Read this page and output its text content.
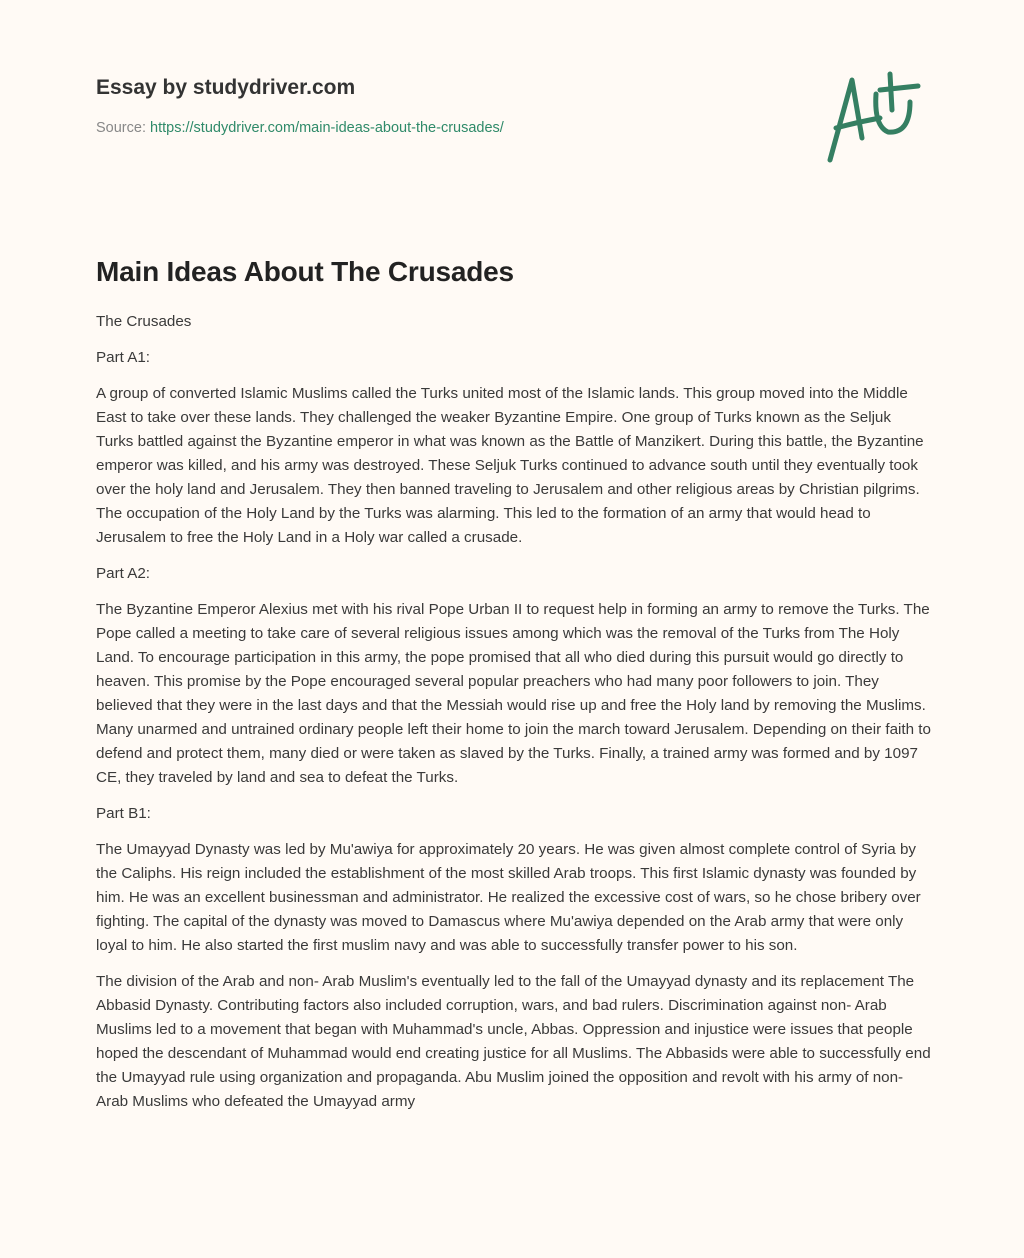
Essay by studydriver.com
Source: https://studydriver.com/main-ideas-about-the-crusades/
Main Ideas About The Crusades

The Crusades

Part A1:

A group of converted Islamic Muslims called the Turks united most of the Islamic lands. This group moved into the Middle East to take over these lands. They challenged the weaker Byzantine Empire. One group of Turks known as the Seljuk Turks battled against the Byzantine emperor in what was known as the Battle of Manzikert. During this battle, the Byzantine emperor was killed, and his army was destroyed. These Seljuk Turks continued to advance south until they eventually took over the holy land and Jerusalem. They then banned traveling to Jerusalem and other religious areas by Christian pilgrims. The occupation of the Holy Land by the Turks was alarming. This led to the formation of an army that would head to Jerusalem to free the Holy Land in a Holy war called a crusade.

Part A2:

The Byzantine Emperor Alexius met with his rival Pope Urban II to request help in forming an army to remove the Turks. The Pope called a meeting to take care of several religious issues among which was the removal of the Turks from The Holy Land. To encourage participation in this army, the pope promised that all who died during this pursuit would go directly to heaven. This promise by the Pope encouraged several popular preachers who had many poor followers to join. They believed that they were in the last days and that the Messiah would rise up and free the Holy land by removing the Muslims. Many unarmed and untrained ordinary people left their home to join the march toward Jerusalem. Depending on their faith to defend and protect them, many died or were taken as slaved by the Turks. Finally, a trained army was formed and by 1097 CE, they traveled by land and sea to defeat the Turks.

Part B1:

The Umayyad Dynasty was led by Mu'awiya for approximately 20 years. He was given almost complete control of Syria by the Caliphs. His reign included the establishment of the most skilled Arab troops. This first Islamic dynasty was founded by him. He was an excellent businessman and administrator. He realized the excessive cost of wars, so he chose bribery over fighting. The capital of the dynasty was moved to Damascus where Mu'awiya depended on the Arab army that were only loyal to him. He also started the first muslim navy and was able to successfully transfer power to his son.

The division of the Arab and non- Arab Muslim's eventually led to the fall of the Umayyad dynasty and its replacement The Abbasid Dynasty. Contributing factors also included corruption, wars, and bad rulers. Discrimination against non- Arab Muslims led to a movement that began with Muhammad's uncle, Abbas. Oppression and injustice were issues that people hoped the descendant of Muhammad would end creating justice for all Muslims. The Abbasids were able to successfully end the Umayyad rule using organization and propaganda. Abu Muslim joined the opposition and revolt with his army of non-Arab Muslims who defeated the Umayyad army
